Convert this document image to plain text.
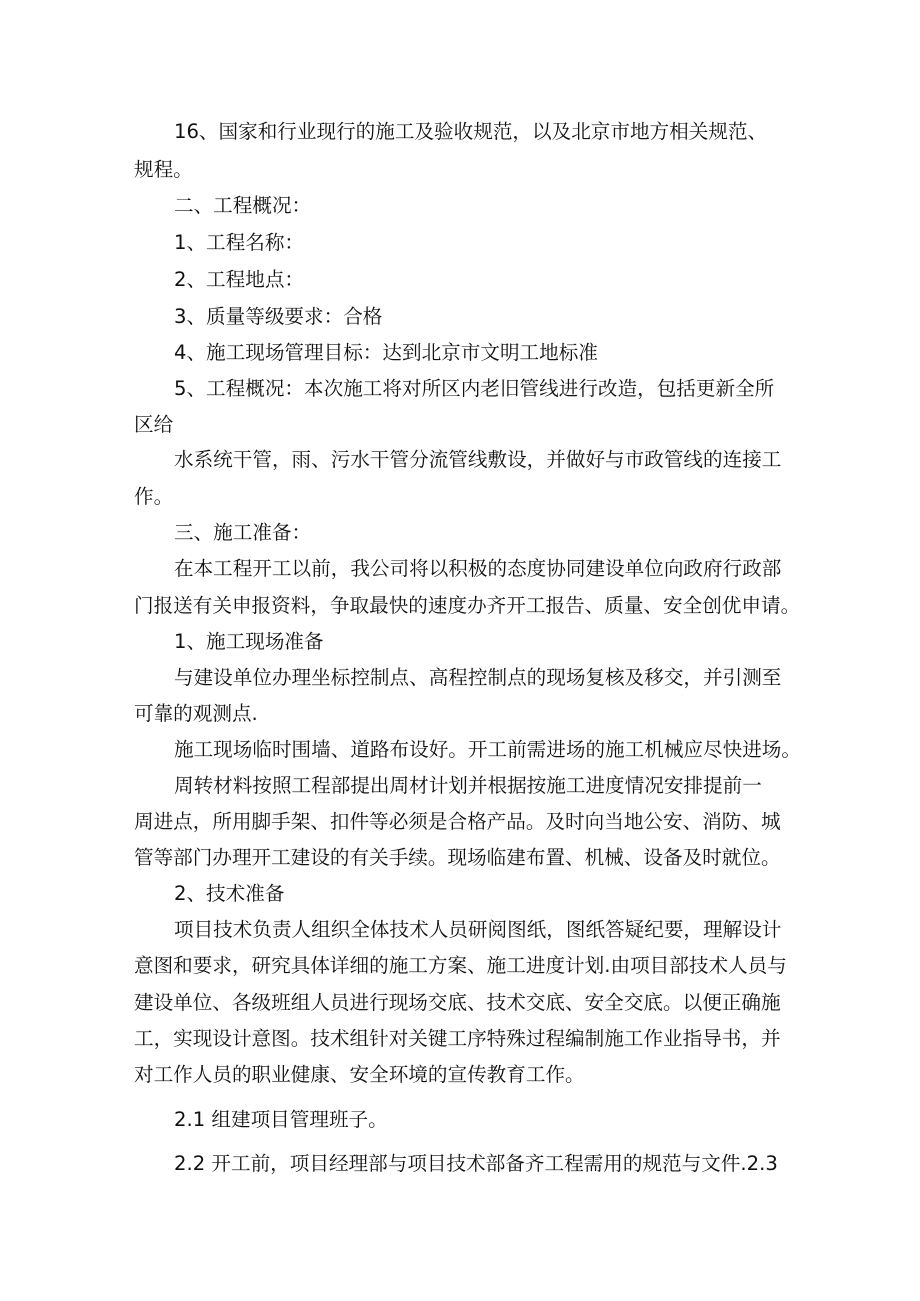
16、国家和行业现行的施工及验收规范，以及北京市地方相关规范、
规程。
二、工程概况：
1、工程名称：
2、工程地点：
3、质量等级要求：合格
4、施工现场管理目标：达到北京市文明工地标准
5、工程概况：本次施工将对所区内老旧管线进行改造，包括更新全所
区给
水系统干管，雨、污水干管分流管线敷设，并做好与市政管线的连接工
作。
三、施工准备：
在本工程开工以前，我公司将以积极的态度协同建设单位向政府行政部
门报送有关申报资料，争取最快的速度办齐开工报告、质量、安全创优申请。
1、施工现场准备
与建设单位办理坐标控制点、高程控制点的现场复核及移交，并引测至
可靠的观测点.
施工现场临时围墙、道路布设好。开工前需进场的施工机械应尽快进场。
周转材料按照工程部提出周材计划并根据按施工进度情况安排提前一
周进点，所用脚手架、扣件等必须是合格产品。及时向当地公安、消防、城
管等部门办理开工建设的有关手续。现场临建布置、机械、设备及时就位。
2、技术准备
项目技术负责人组织全体技术人员研阅图纸，图纸答疑纪要，理解设计
意图和要求，研究具体详细的施工方案、施工进度计划.由项目部技术人员与
建设单位、各级班组人员进行现场交底、技术交底、安全交底。以便正确施
工，实现设计意图。技术组针对关键工序特殊过程编制施工作业指导书，并
对工作人员的职业健康、安全环境的宣传教育工作。
2.1 组建项目管理班子。
2.2 开工前，项目经理部与项目技术部备齐工程需用的规范与文件.2.3
